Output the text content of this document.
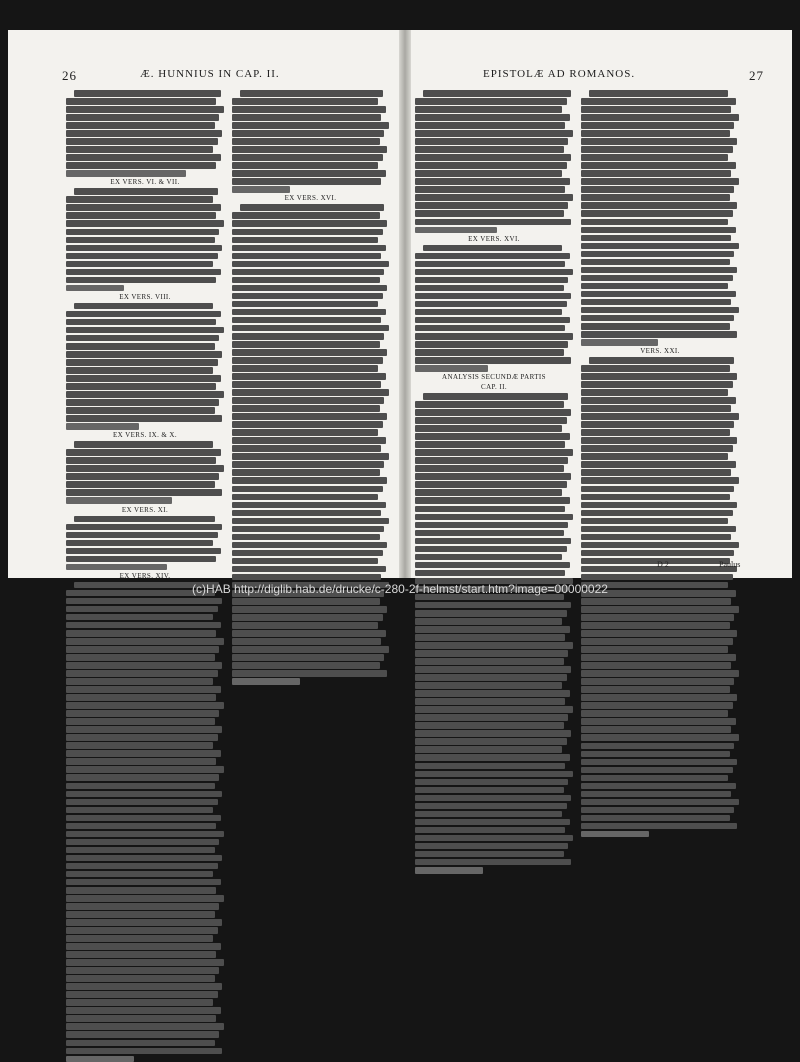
26	Æ. HUNNIUS IN CAP. II.
EX VERS. VI. & VII.
EX VERS. VIII.
EX VERS. IX. & X.
EX VERS. XI.
EX VERS. XIV.
EX VERS. XVI.
EPISTOLÆ AD ROMANOS.	27
EX VERS. XVI.
ANALYSIS SECUNDÆ PARTIS
CAP. II.
VERS. XXI.
D 2	Paulus
(c)HAB http://diglib.hab.de/drucke/c-280-2f-helmst/start.htm?image=00000022
